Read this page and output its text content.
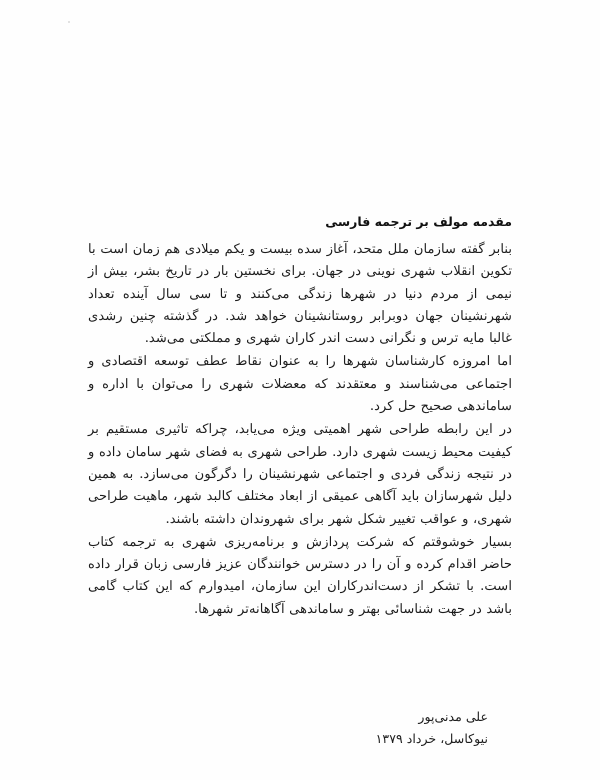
مقدمه مولف بر ترجمه فارسی

بنابر گفته سازمان ملل متحد، آغاز سده بیست و یکم میلادی هم زمان است با تکوین انقلاب شهری نوینی در جهان. برای نخستین بار در تاریخ بشر، بیش از نیمی از مردم دنیا در شهرها زندگی می‌کنند و تا سی سال آینده تعداد شهرنشینان جهان دوبرابر روستانشینان خواهد شد. در گذشته چنین رشدی غالبا مایه ترس و نگرانی دست اندر کاران شهری و مملکتی می‌شد.

اما امروزه کارشناسان شهرها را به عنوان نقاط عطف توسعه اقتصادی و اجتماعی می‌شناسند و معتقدند که معضلات شهری را می‌توان با اداره و ساماندهی صحیح حل کرد.

در این رابطه طراحی شهر اهمیتی ویژه می‌یابد، چراکه تاثیری مستقیم بر کیفیت محیط زیست شهری دارد. طراحی شهری به فضای شهر سامان داده و در نتیجه زندگی فردی و اجتماعی شهرنشینان را دگرگون می‌سازد. به همین دلیل شهرسازان باید آگاهی عمیقی از ابعاد مختلف کالبد شهر، ماهیت طراحی شهری، و عواقب تغییر شکل شهر برای شهروندان داشته باشند.

بسیار خوشوقتم که شرکت پردازش و برنامه‌ریزی شهری به ترجمه کتاب حاضر اقدام کرده و آن را در دسترس خوانندگان عزیز فارسی زبان قرار داده است. با تشکر از دست‌اندرکاران این سازمان، امیدوارم که این کتاب گامی باشد در جهت شناسائی بهتر و ساماندهی آگاهانه‌تر شهرها.

علی مدنی‌پور

نیوکاسل، خرداد ۱۳۷۹
